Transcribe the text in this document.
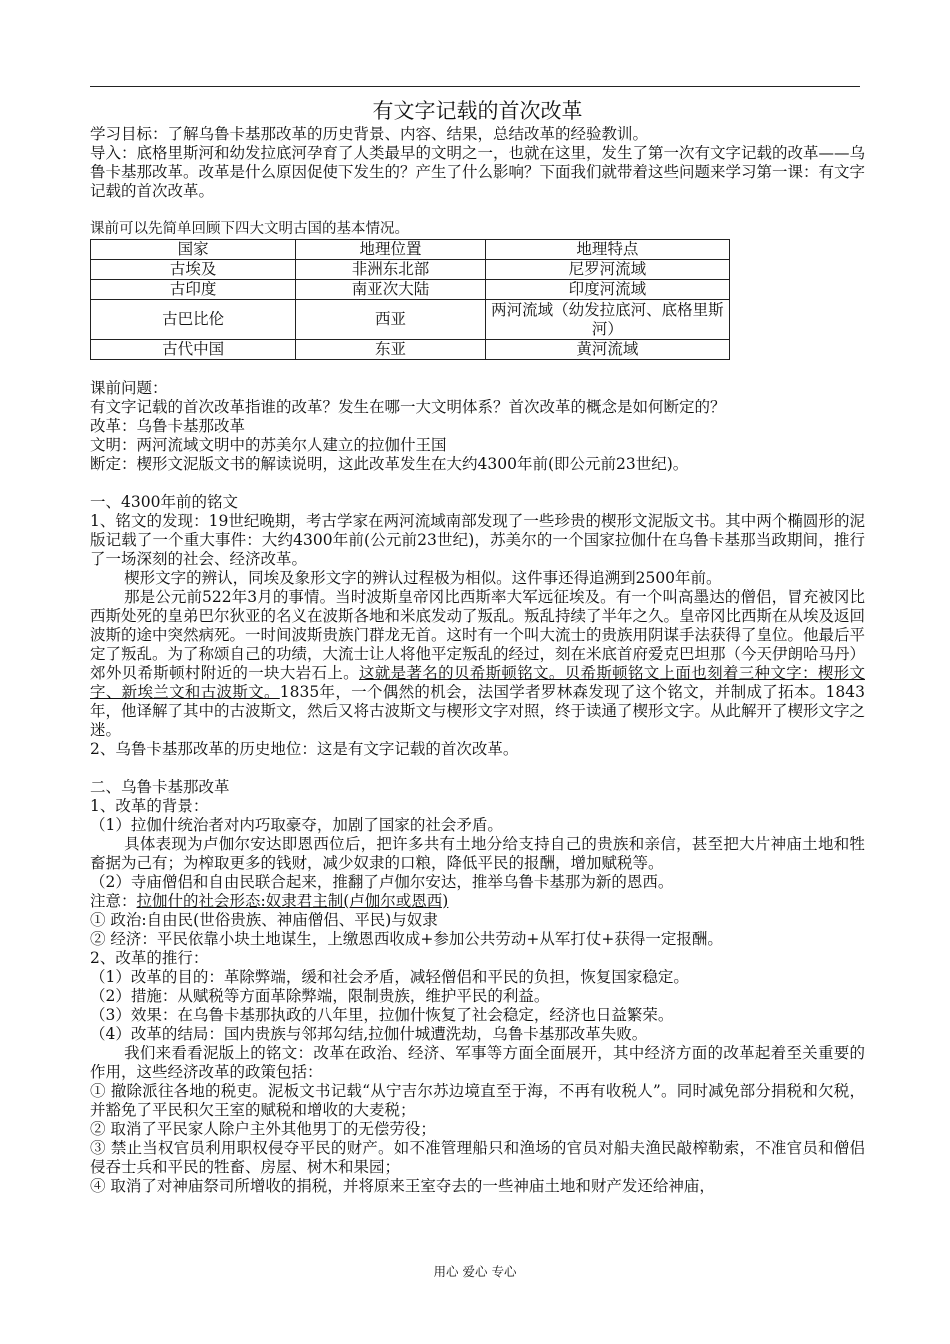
有文字记载的首次改革

学习目标：了解乌鲁卡基那改革的历史背景、内容、结果，总结改革的经验教训。

导入：底格里斯河和幼发拉底河孕育了人类最早的文明之一，也就在这里，发生了第一次有文字记载的改革——乌鲁卡基那改革。改革是什么原因促使下发生的？产生了什么影响？下面我们就带着这些问题来学习第一课：有文字记载的首次改革。

课前可以先简单回顾下四大文明古国的基本情况。

国家	地理位置	地理特点
古埃及	非洲东北部	尼罗河流域
古印度	南亚次大陆	印度河流域
古巴比伦	西亚	两河流域（幼发拉底河、底格里斯河）
古代中国	东亚	黄河流域

课前问题：

有文字记载的首次改革指谁的改革？发生在哪一大文明体系？首次改革的概念是如何断定的？

改革：乌鲁卡基那改革

文明：两河流域文明中的苏美尔人建立的拉伽什王国

断定：楔形文泥版文书的解读说明，这此改革发生在大约4300年前(即公元前23世纪)。

一、4300年前的铭文

1、铭文的发现：19世纪晚期，考古学家在两河流域南部发现了一些珍贵的楔形文泥版文书。其中两个椭圆形的泥版记载了一个重大事件：大约4300年前(公元前23世纪)，苏美尔的一个国家拉伽什在乌鲁卡基那当政期间，推行了一场深刻的社会、经济改革。

楔形文字的辨认，同埃及象形文字的辨认过程极为相似。这件事还得追溯到2500年前。

那是公元前522年3月的事情。当时波斯皇帝冈比西斯率大军远征埃及。有一个叫高墨达的僧侣，冒充被冈比西斯处死的皇弟巴尔狄亚的名义在波斯各地和米底发动了叛乱。叛乱持续了半年之久。皇帝冈比西斯在从埃及返回波斯的途中突然病死。一时间波斯贵族门群龙无首。这时有一个叫大流士的贵族用阴谋手法获得了皇位。他最后平定了叛乱。为了称颂自己的功绩，大流士让人将他平定叛乱的经过，刻在米底首府爱克巴坦那（今天伊朗哈马丹）郊外贝希斯顿村附近的一块大岩石上。这就是著名的贝希斯顿铭文。贝希斯顿铭文上面也刻着三种文字：楔形文字、新埃兰文和古波斯文。1835年，一个偶然的机会，法国学者罗林森发现了这个铭文，并制成了拓本。1843年，他译解了其中的古波斯文，然后又将古波斯文与楔形文字对照，终于读通了楔形文字。从此解开了楔形文字之迷。

2、乌鲁卡基那改革的历史地位：这是有文字记载的首次改革。

二、乌鲁卡基那改革

1、改革的背景：

（1）拉伽什统治者对内巧取豪夺，加剧了国家的社会矛盾。

具体表现为卢伽尔安达即恩西位后，把许多共有土地分给支持自己的贵族和亲信，甚至把大片神庙土地和牲畜据为己有；为榨取更多的钱财，减少奴隶的口粮，降低平民的报酬，增加赋税等。

（2）寺庙僧侣和自由民联合起来，推翻了卢伽尔安达，推举乌鲁卡基那为新的恩西。

注意：拉伽什的社会形态:奴隶君主制(卢伽尔或恩西)

① 政治:自由民(世俗贵族、神庙僧侣、平民)与奴隶

② 经济：平民依靠小块土地谋生，上缴恩西收成+参加公共劳动+从军打仗+获得一定报酬。

2、改革的推行：

（1）改革的目的：革除弊端，缓和社会矛盾，减轻僧侣和平民的负担，恢复国家稳定。

（2）措施：从赋税等方面革除弊端，限制贵族，维护平民的利益。

（3）效果：在乌鲁卡基那执政的八年里，拉伽什恢复了社会稳定，经济也日益繁荣。

（4）改革的结局：国内贵族与邻邦勾结,拉伽什城遭洗劫，乌鲁卡基那改革失败。

我们来看看泥版上的铭文：改革在政治、经济、军事等方面全面展开，其中经济方面的改革起着至关重要的作用，这些经济改革的政策包括：

① 撤除派往各地的税吏。泥板文书记载“从宁吉尔苏边境直至于海，不再有收税人”。同时减免部分捐税和欠税，并豁免了平民积欠王室的赋税和增收的大麦税；

② 取消了平民家人除户主外其他男丁的无偿劳役；

③ 禁止当权官员利用职权侵夺平民的财产。如不准管理船只和渔场的官员对船夫渔民敲榨勒索，不准官员和僧侣侵吞士兵和平民的牲畜、房屋、树木和果园；

④ 取消了对神庙祭司所增收的捐税，并将原来王室夺去的一些神庙土地和财产发还给神庙，

用心 爱心 专心
